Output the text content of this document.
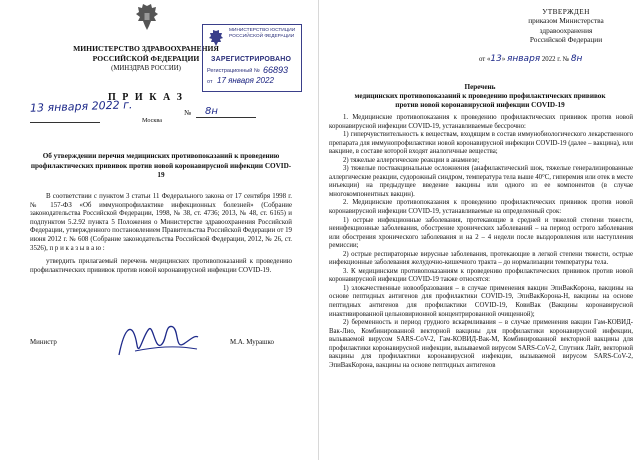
МИНИСТЕРСТВО ЗДРАВООХРАНЕНИЯ
РОССИЙСКОЙ ФЕДЕРАЦИИ
(МИНЗДРАВ РОССИИ)
МИНИСТЕРСТВО ЮСТИЦИИ РОССИЙСКОЙ ФЕДЕРАЦИИ
ЗАРЕГИСТРИРОВАНО
Регистрационный № 66893
от 17 января 2022
П Р И К А З
13 января 2022 г.
Москва
№ 8н
Об утверждении перечня медицинских противопоказаний к проведению профилактических прививок против новой коронавирусной инфекции COVID-19
В соответствии с пунктом 3 статьи 11 Федерального закона от 17 сентября 1998 г. № 157-ФЗ «Об иммунопрофилактике инфекционных болезней» (Собрание законодательства Российской Федерации, 1998, № 38, ст. 4736; 2013, № 48, ст. 6165) и подпунктом 5.2.92 пункта 5 Положения о Министерстве здравоохранения Российской Федерации, утвержденного постановлением Правительства Российской Федерации от 19 июня 2012 г. № 608 (Собрание законодательства Российской Федерации, 2012, № 26, ст. 3526), п р и к а з ы в а ю :
утвердить прилагаемый перечень медицинских противопоказаний к проведению профилактических прививок против новой коронавирусной инфекции COVID-19.
Министр	М.А. Мурашко
УТВЕРЖДЕН
приказом Министерства
здравоохранения
Российской Федерации
от «13» января 2022 г. № 8н
Перечень
медицинских противопоказаний к проведению профилактических прививок
против новой коронавирусной инфекции COVID-19

1. Медицинские противопоказания к проведению профилактических прививок против новой коронавирусной инфекции COVID-19, устанавливаемые бессрочно:

1) гиперчувствительность к веществам, входящим в состав иммунобиологического лекарственного препарата для иммунопрофилактики новой коронавирусной инфекции COVID-19 (далее – вакцина), или вакцине, в составе которой входят аналогичные вещества;

2) тяжелые аллергические реакции в анамнезе;

3) тяжелые поствакцинальные осложнения (анафилактический шок, тяжелые генерализированные аллергические реакции, судорожный синдром, температура тела выше 40°C, гиперемия или отек в месте инъекции) на предыдущее введение вакцины или одного из ее компонентов (в случае многокомпонентных вакцин).

2. Медицинские противопоказания к проведению профилактических прививок против новой коронавирусной инфекции COVID-19, устанавливаемые на определенный срок:

1) острые инфекционные заболевания, протекающие в средней и тяжелой степени тяжести, неинфекционные заболевания, обострение хронических заболеваний – на период острого заболевания или обострения хронического заболевания и на 2 – 4 недели после выздоровления или наступления ремиссии;

2) острые респираторные вирусные заболевания, протекающие в легкой степени тяжести, острые инфекционные заболевания желудочно-кишечного тракта – до нормализации температуры тела.

3. К медицинским противопоказаниям к проведению профилактических прививок против новой коронавирусной инфекции COVID-19 также относятся:

1) злокачественные новообразования – в случае применения вакцин ЭпиВакКорона, вакцины на основе пептидных антигенов для профилактики COVID-19, ЭпиВакКорона-Н, вакцины на основе пептидных антигенов для профилактики COVID-19, КовиВак (Вакцины коронавирусной инактивированной цельновирионной концентрированной очищенной);

2) беременность и период грудного вскармливания – в случае применения вакцин Гам-КОВИД-Вак-Лио, Комбинированной векторной вакцины для профилактики коронавирусной инфекции, вызываемой вирусом SARS-CoV-2, Гам-КОВИД-Вак-М, Комбинированной векторной вакцины для профилактики коронавирусной инфекции, вызываемой вирусом SARS-CoV-2, Спутник Лайт, векторной вакцины для профилактики коронавирусной инфекции, вызываемой вирусом SARS-CoV-2, ЭпиВакКорона, вакцины на основе пептидных антигенов
